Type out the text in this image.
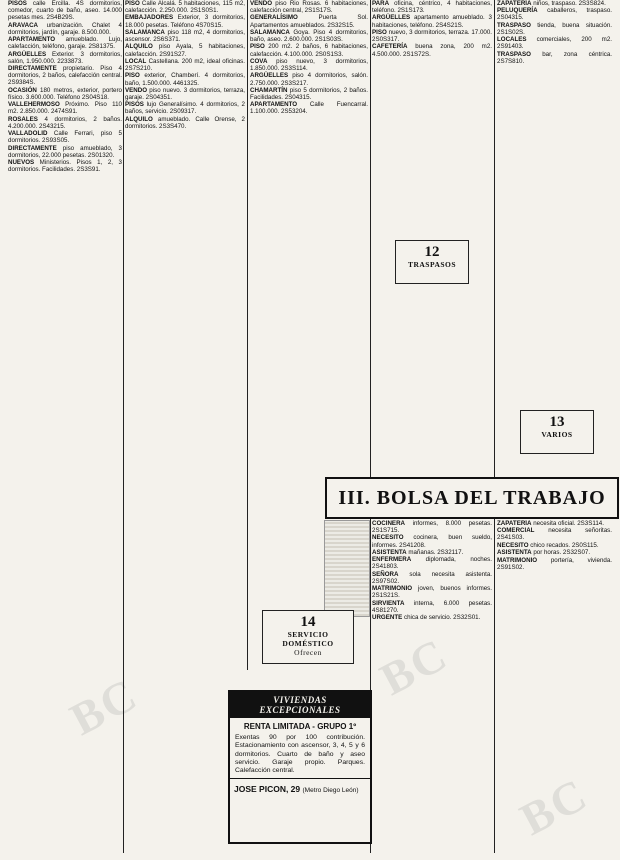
BC
BC
BC

PISOS calle Ercilla. 4S dormitorios, comedor, cuarto de baño, aseo. 14.000 pesetas mes. 2S4B29S.

ARAVACA urbanización. Chalet 4 dormitorios, jardín, garaje. 8.500.000.

APARTAMENTO amueblado. Lujo, calefacción, teléfono, garaje. 2S81375.

ARGÜELLES Exterior. 3 dormitorios, salón, 1.950.000. 2233873.

DIRECTAMENTE propietario. Piso 4 dormitorios, 2 baños, calefacción central. 2S9384S.

OCASIÓN 180 metros, exterior, portero físico. 3.600.000. Teléfono 2S04S18.

VALLEHERMOSO Próximo. Piso 110 m2. 2.850.000. 2474S91.

ROSALES 4 dormitorios, 2 baños. 4.200.000. 2S43215.

VALLADOLID Calle Ferrari, piso 5 dormitorios. 2S93S05.

DIRECTAMENTE piso amueblado, 3 dormitorios, 22.000 pesetas. 2S01320.

NUEVOS Ministerios. Pisos 1, 2, 3 dormitorios. Facilidades. 2S3S91.

PISO Calle Alcalá. 5 habitaciones, 115 m2, calefacción. 2.250.000. 2S1S0S1.

EMBAJADORES Exterior, 3 dormitorios, 18.000 pesetas. Teléfono 4S70S15.

SALAMANCA piso 118 m2, 4 dormitorios, ascensor. 2S6S371.

ALQUILO piso Ayala, 5 habitaciones, calefacción. 2S91S27.

LOCAL Castellana. 200 m2, ideal oficinas. 2S7S210.

PISO exterior, Chamberí. 4 dormitorios, baño, 1.500.000. 4461325.

VENDO piso nuevo. 3 dormitorios, terraza, garaje. 2S04351.

PISOS lujo Generalísimo. 4 dormitorios, 2 baños, servicio. 2S09317.

ALQUILO amueblado. Calle Orense, 2 dormitorios. 2S3S470.

VENDO piso Rio Rosas. 6 habitaciones, calefacción central, 2S1S17S.

GENERALÍSIMO Puerta Sol. Apartamentos amueblados. 2S32S15.

SALAMANCA Goya. Piso 4 dormitorios, baño, aseo. 2.600.000. 2S1S03S.

PISO 200 m2. 2 baños, 6 habitaciones, calefacción. 4.100.000. 2S0S1S3.

COVA piso nuevo, 3 dormitorios, 1.850.000. 2S3S114.

ARGÜELLES piso 4 dormitorios, salón. 2.750.000. 2S3S217.

CHAMARTÍN piso 5 dormitorios, 2 baños. Facilidades. 2S04315.

APARTAMENTO Calle Fuencarral. 1.100.000. 2S53204.

PARA oficina, céntrico, 4 habitaciones, teléfono. 2S1S173.

ARGÜELLES apartamento amueblado. 3 habitaciones, teléfono. 2S4S21S.

PISO nuevo, 3 dormitorios, terraza. 17.000. 2S0S317.

CAFETERÍA buena zona, 200 m2. 4.500.000. 2S1S72S.

ZAPATERÍA niños, traspaso. 2S3S824.

PELUQUERÍA caballeros, traspaso. 2S04315.

TRASPASO tienda, buena situación. 2S1S02S.

LOCALES comerciales, 200 m2. 2S91403.

TRASPASO bar, zona céntrica. 2S7S810.

COCINERA informes, 8.000 pesetas. 2S1S715.

NECESITO cocinera, buen sueldo, informes. 2S41208.

ASISTENTA mañanas. 2S32117.

ENFERMERA diplomada, noches. 2S41803.

SEÑORA sola necesita asistenta. 2S97S02.

MATRIMONIO joven, buenos informes. 2S1S21S.

SIRVIENTA interna, 6.000 pesetas. 4S81270.

URGENTE chica de servicio. 2S32S01.

ZAPATERÍA necesita oficial. 2S3S114.

COMERCIAL necesita señoritas. 2S41S03.

NECESITO chico recados. 2S0S115.

ASISTENTA por horas. 2S32S07.

MATRIMONIO portería, vivienda. 2S91S02.

12
TRASPASOS
13
VARIOS
III. BOLSA DEL TRABAJO
14
SERVICIO DOMÉSTICO
Ofrecen
VIVIENDAS EXCEPCIONALES
RENTA LIMITADA - GRUPO 1º
Exentas 90 por 100 contribución. Estacionamiento con ascensor, 3, 4, 5 y 6 dormitorios. Cuarto de baño y aseo servicio. Garaje propio. Parques. Calefacción central.
JOSE PICON, 29 (Metro Diego León)
